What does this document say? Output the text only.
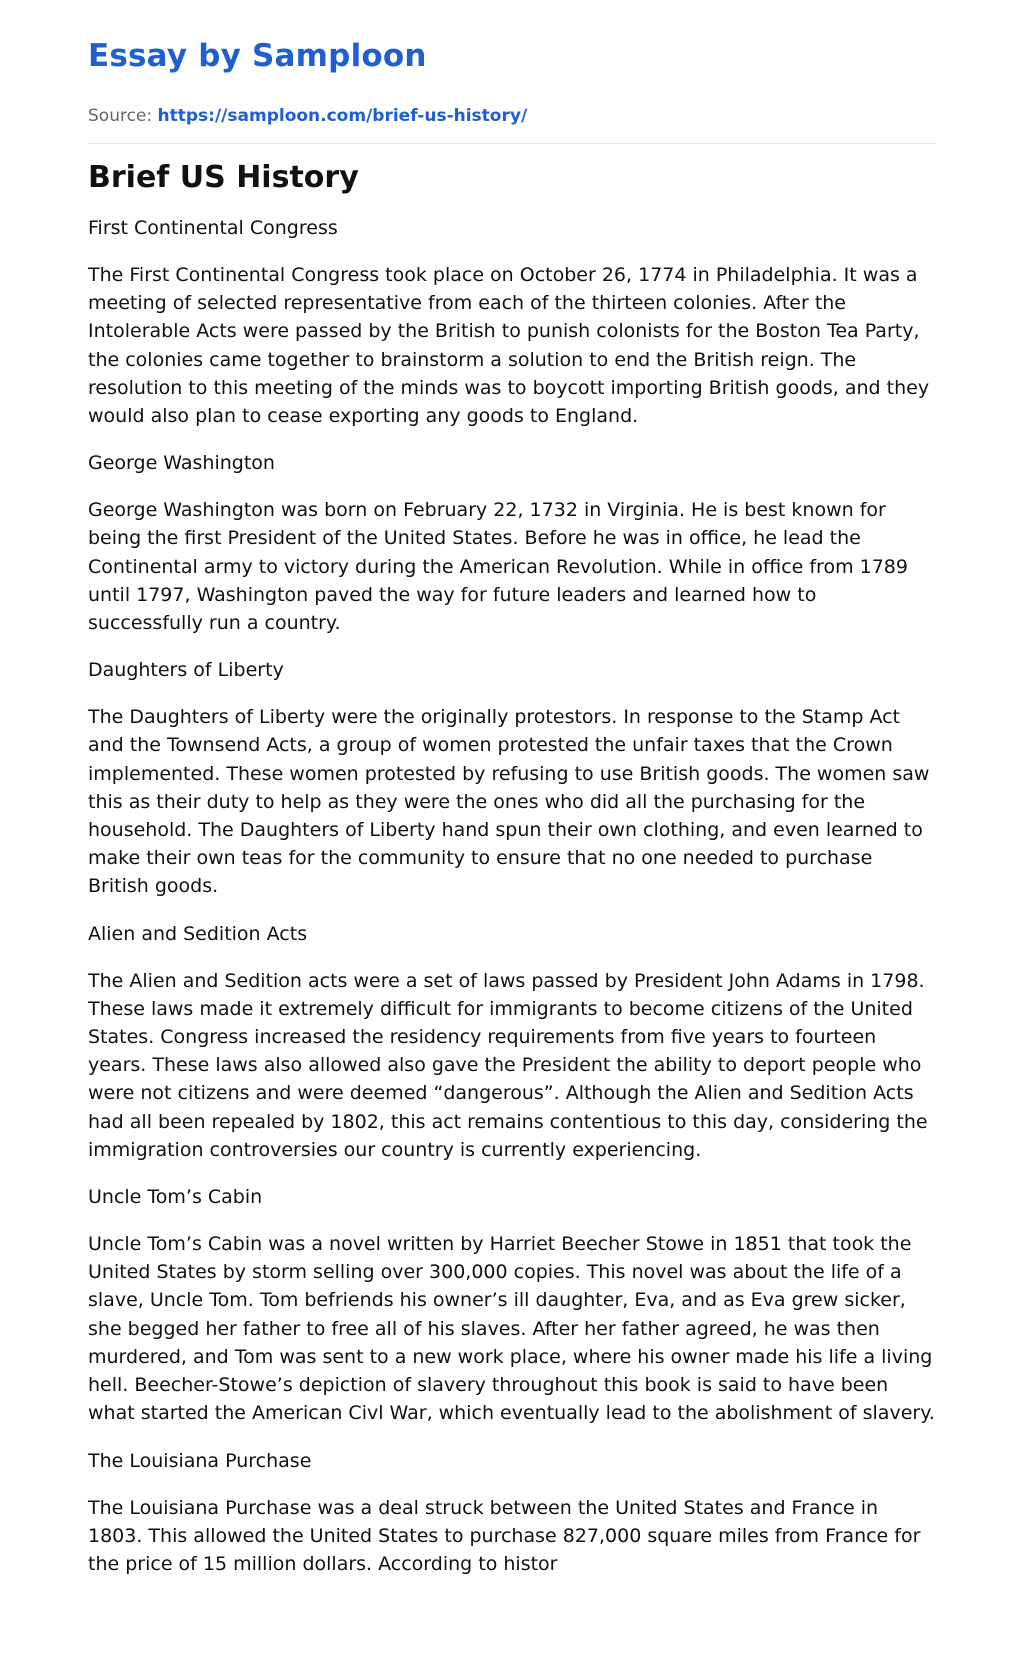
Essay by Samploon
Source: https://samploon.com/brief-us-history/
Brief US History

First Continental Congress

The First Continental Congress took place on October 26, 1774 in Philadelphia. It was a meeting of selected representative from each of the thirteen colonies. After the Intolerable Acts were passed by the British to punish colonists for the Boston Tea Party, the colonies came together to brainstorm a solution to end the British reign. The resolution to this meeting of the minds was to boycott importing British goods, and they would also plan to cease exporting any goods to England.

George Washington

George Washington was born on February 22, 1732 in Virginia. He is best known for being the first President of the United States. Before he was in office, he lead the Continental army to victory during the American Revolution. While in office from 1789 until 1797, Washington paved the way for future leaders and learned how to successfully run a country.

Daughters of Liberty

The Daughters of Liberty were the originally protestors. In response to the Stamp Act and the Townsend Acts, a group of women protested the unfair taxes that the Crown implemented. These women protested by refusing to use British goods. The women saw this as their duty to help as they were the ones who did all the purchasing for the household. The Daughters of Liberty hand spun their own clothing, and even learned to make their own teas for the community to ensure that no one needed to purchase British goods.

Alien and Sedition Acts

The Alien and Sedition acts were a set of laws passed by President John Adams in 1798. These laws made it extremely difficult for immigrants to become citizens of the United States. Congress increased the residency requirements from five years to fourteen years. These laws also allowed also gave the President the ability to deport people who were not citizens and were deemed “dangerous”. Although the Alien and Sedition Acts had all been repealed by 1802, this act remains contentious to this day, considering the immigration controversies our country is currently experiencing.

Uncle Tom’s Cabin

Uncle Tom’s Cabin was a novel written by Harriet Beecher Stowe in 1851 that took the United States by storm selling over 300,000 copies. This novel was about the life of a slave, Uncle Tom. Tom befriends his owner’s ill daughter, Eva, and as Eva grew sicker, she begged her father to free all of his slaves. After her father agreed, he was then murdered, and Tom was sent to a new work place, where his owner made his life a living hell. Beecher-Stowe’s depiction of slavery throughout this book is said to have been what started the American Civl War, which eventually lead to the abolishment of slavery.

The Louisiana Purchase

The Louisiana Purchase was a deal struck between the United States and France in 1803. This allowed the United States to purchase 827,000 square miles from France for the price of 15 million dollars. According to histor
